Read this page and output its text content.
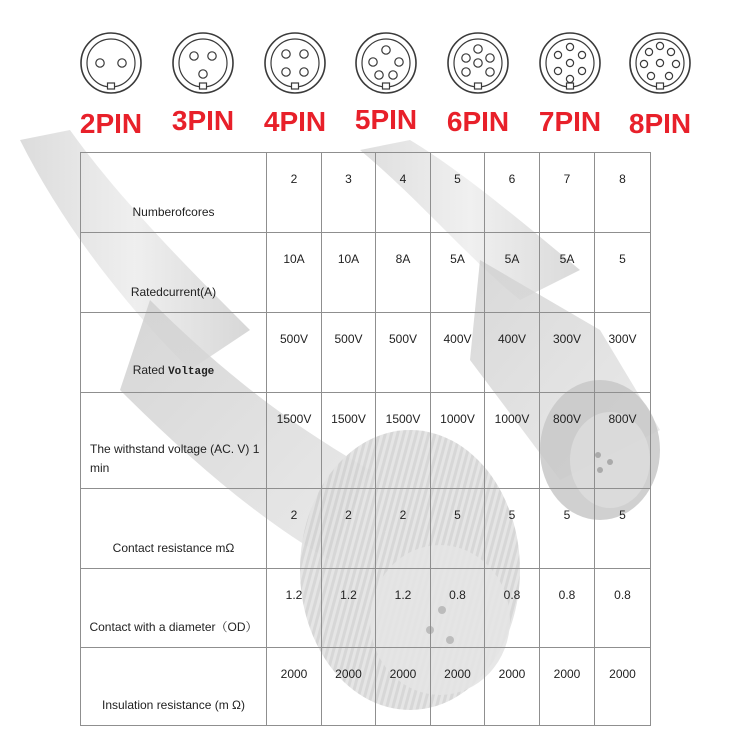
2PIN	3PIN	4PIN	5PIN	6PIN	7PIN 8PIN
Numberofcores	2	3	4	5	6	7	8
Ratedcurrent(A)	10A	10A	8A	5A	5A	5A	5
Rated Voltage	500V	500V	500V	400V	400V	300V	300V
The withstand voltage (AC. V) 1 min	1500V	1500V	1500V	1000V	1000V	800V	800V
Contact resistance mΩ	2	2	2	5	5	5	5
Contact with a diameter（OD）	1.2	1.2	1.2	0.8	0.8	0.8	0.8
Insulation resistance (m Ω)	2000	2000	2000	2000	2000	2000	2000
